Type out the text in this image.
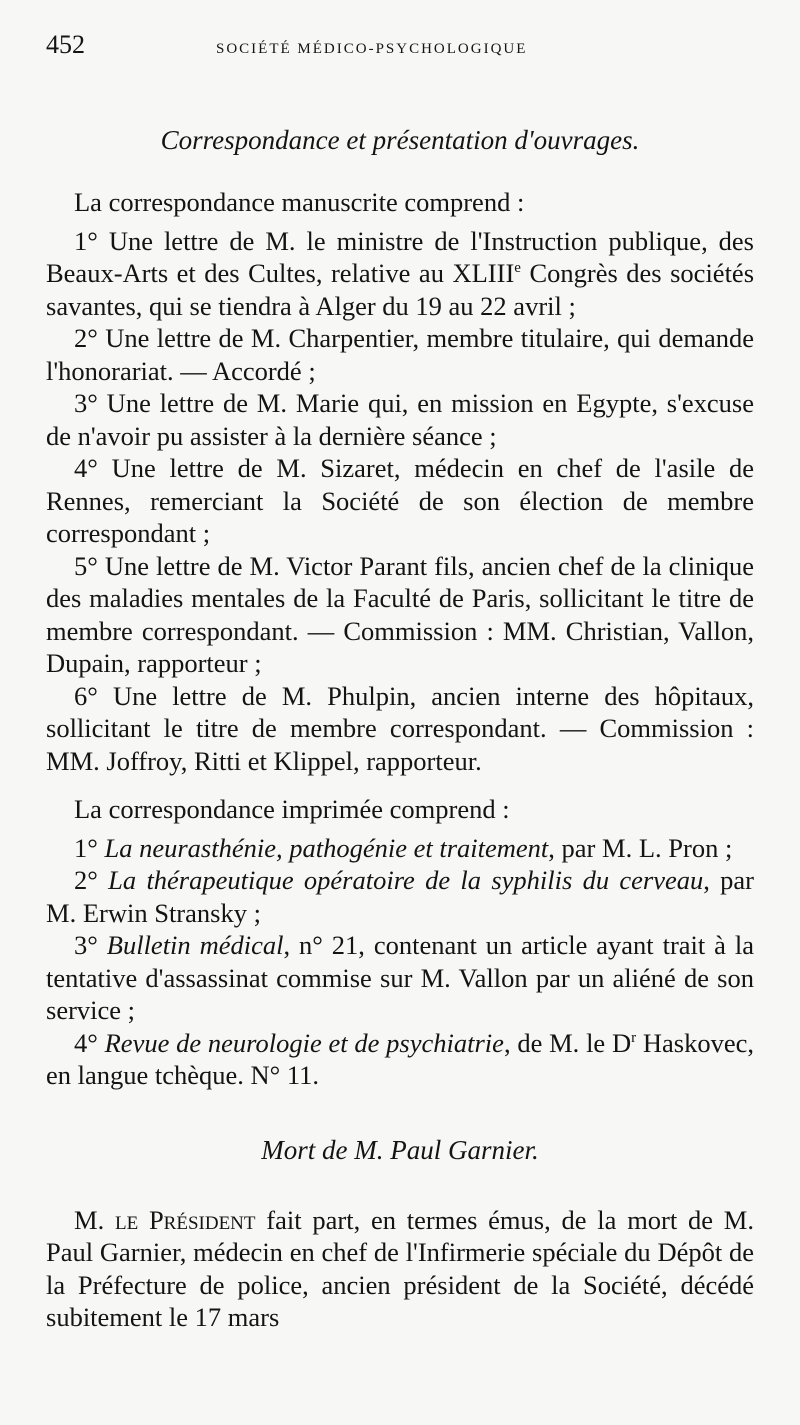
452	SOCIÉTÉ MÉDICO-PSYCHOLOGIQUE
Correspondance et présentation d'ouvrages.

La correspondance manuscrite comprend :

1° Une lettre de M. le ministre de l'Instruction publique, des Beaux-Arts et des Cultes, relative au XLIIIe Congrès des sociétés savantes, qui se tiendra à Alger du 19 au 22 avril ;

2° Une lettre de M. Charpentier, membre titulaire, qui demande l'honorariat. — Accordé ;

3° Une lettre de M. Marie qui, en mission en Egypte, s'excuse de n'avoir pu assister à la dernière séance ;

4° Une lettre de M. Sizaret, médecin en chef de l'asile de Rennes, remerciant la Société de son élection de membre correspondant ;

5° Une lettre de M. Victor Parant fils, ancien chef de la clinique des maladies mentales de la Faculté de Paris, sollicitant le titre de membre correspondant. — Commission : MM. Christian, Vallon, Dupain, rapporteur ;

6° Une lettre de M. Phulpin, ancien interne des hôpitaux, sollicitant le titre de membre correspondant. — Commission : MM. Joffroy, Ritti et Klippel, rapporteur.

La correspondance imprimée comprend :

1° La neurasthénie, pathogénie et traitement, par M. L. Pron ;

2° La thérapeutique opératoire de la syphilis du cerveau, par M. Erwin Stransky ;

3° Bulletin médical, n° 21, contenant un article ayant trait à la tentative d'assassinat commise sur M. Vallon par un aliéné de son service ;

4° Revue de neurologie et de psychiatrie, de M. le $D^r$ Haskovec, en langue tchèque. N° 11.

Mort de M. Paul Garnier.

M. le Président fait part, en termes émus, de la mort de M. Paul Garnier, médecin en chef de l'Infirmerie spéciale du Dépôt de la Préfecture de police, ancien président de la Société, décédé subitement le 17 mars
